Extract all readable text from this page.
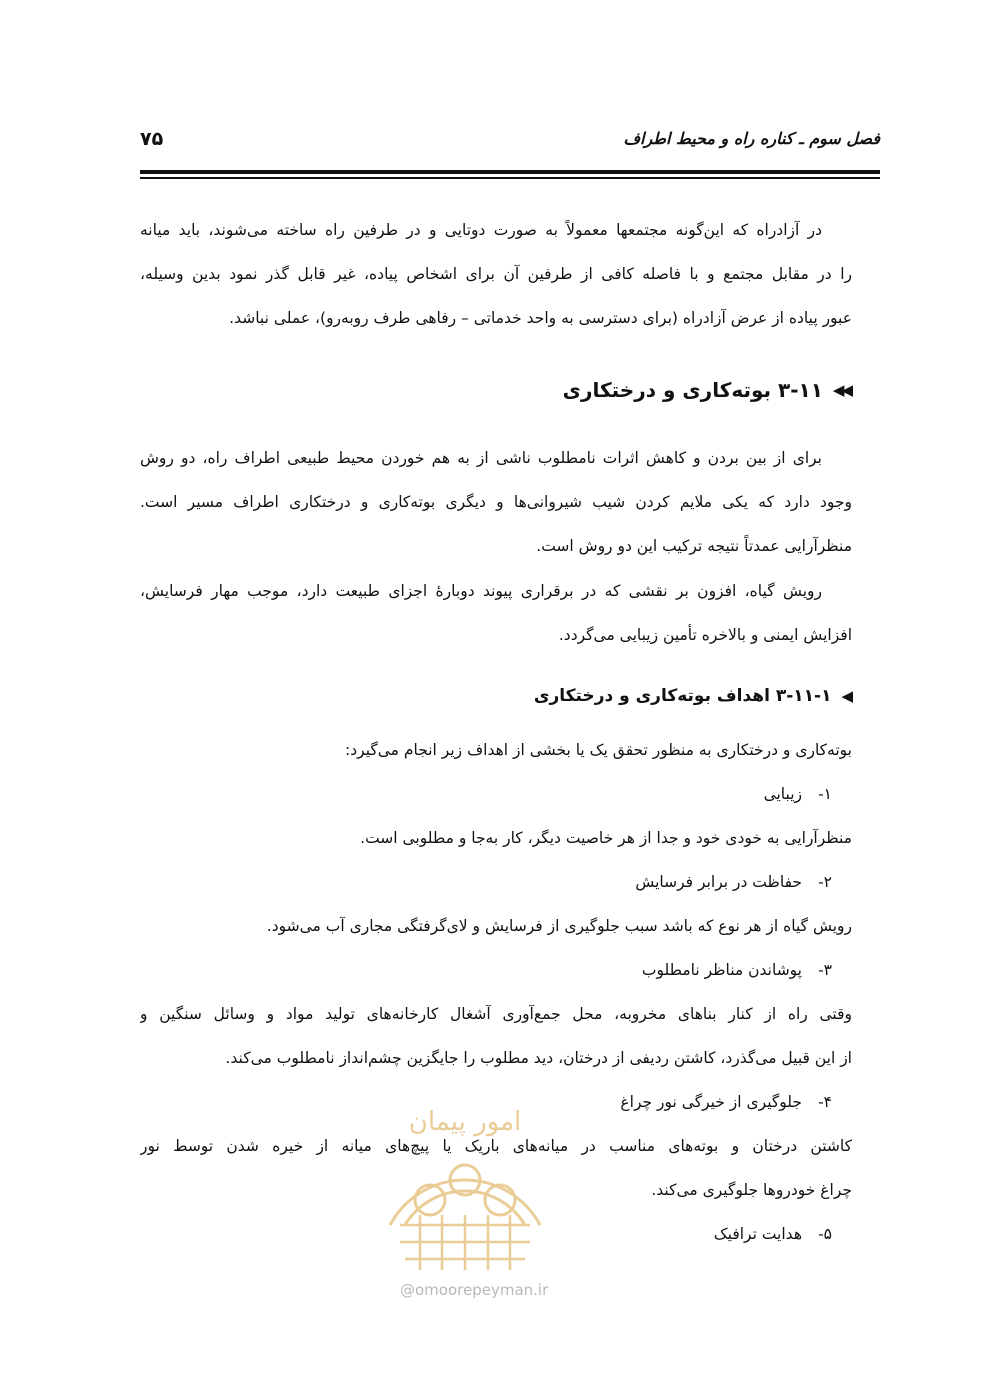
فصل سوم ـ کناره راه و محیط اطراف
۷۵
در آزادراه که این‌گونه مجتمعها معمولاً به صورت دوتایی و در طرفین راه ساخته می‌شوند، باید میانه
را در مقابل مجتمع و با فاصله کافی از طرفین آن برای اشخاص پیاده، غیر قابل گذر نمود بدین وسیله،
عبور پیاده از عرض آزادراه (برای دسترسی به واحد خدماتی – رفاهی طرف روبه‌رو)، عملی نباشد.
◀◀
۳-۱۱ بوته‌کاری و درختکاری
برای از بین بردن و کاهش اثرات نامطلوب ناشی از به هم خوردن محیط طبیعی اطراف راه، دو روش
وجود دارد که یکی ملایم کردن شیب شیروانی‌ها و دیگری بوته‌کاری و درختکاری اطراف مسیر است.
منظرآرایی عمدتاً نتیجه ترکیب این دو روش است.
رویش گیاه، افزون بر نقشی که در برقراری پیوند دوبارهٔ اجزای طبیعت دارد، موجب مهار فرسایش،
افزایش ایمنی و بالاخره تأمین زیبایی می‌گردد.
◀
۳-۱۱-۱ اهداف بوته‌کاری و درختکاری
بوته‌کاری و درختکاری به منظور تحقق یک یا بخشی از اهداف زیر انجام می‌گیرد:
۱-زیبایی
منظرآرایی به خودی خود و جدا از هر خاصیت دیگر، کار به‌جا و مطلوبی است.
۲-حفاظت در برابر فرسایش
رویش گیاه از هر نوع که باشد سبب جلوگیری از فرسایش و لای‌گرفتگی مجاری آب می‌شود.
۳-پوشاندن مناظر نامطلوب
وقتی راه از کنار بناهای مخروبه، محل جمع‌آوری آشغال کارخانه‌های تولید مواد و وسائل سنگین و
از این قبیل می‌گذرد، کاشتن ردیفی از درختان، دید مطلوب را جایگزین چشم‌انداز نامطلوب می‌کند.
۴-جلوگیری از خیرگی نور چراغ
کاشتن درختان و بوته‌های مناسب در میانه‌های باریک یا پیچ‌های میانه از خیره شدن توسط نور
چراغ خودروها جلوگیری می‌کند.
۵-هدایت ترافیک
امور پیمان
@omoorepeyman.ir
